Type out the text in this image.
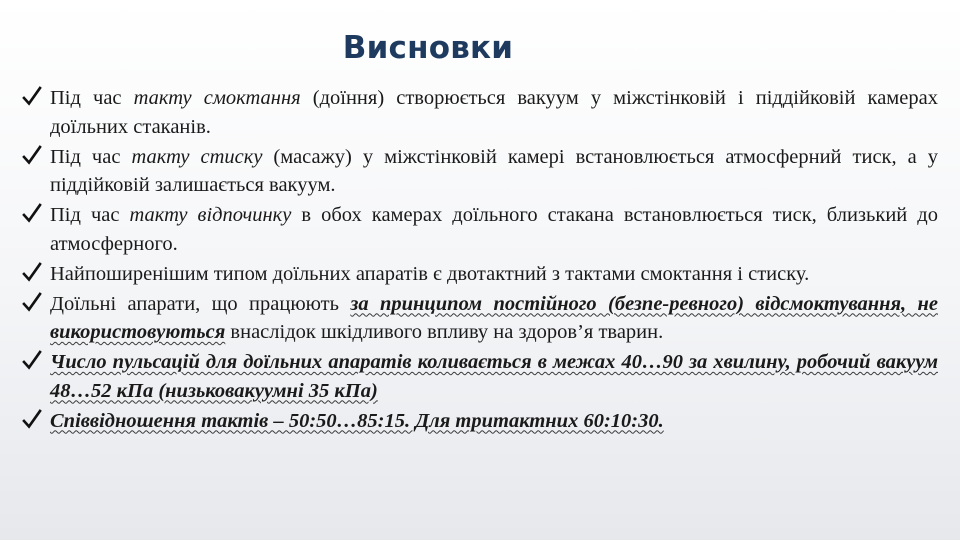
Висновки
Під час такту смоктання (доїння) створюється вакуум у міжстінковій і піддійковій камерах доїльних стаканів.
Під час такту стиску (масажу) у міжстінковій камері встановлюється атмосферний тиск, а у піддійковій залишається вакуум.
Під час такту відпочинку в обох камерах доїльного стакана встановлюється тиск, близький до атмосферного.
Найпоширенішим типом доїльних апаратів є двотактний з тактами смоктання і стиску.
Доїльні апарати, що працюють за принципом постійного (безпе-ревного) відсмоктування, не використовуються внаслідок шкідливого впливу на здоров’я тварин.
Число пульсацій для доїльних апаратів коливається в межах 40…90 за хвилину, робочий вакуум 48…52 кПа (низьковакуумні 35 кПа)
Співвідношення тактів – 50:50…85:15. Для тритактних 60:10:30.
